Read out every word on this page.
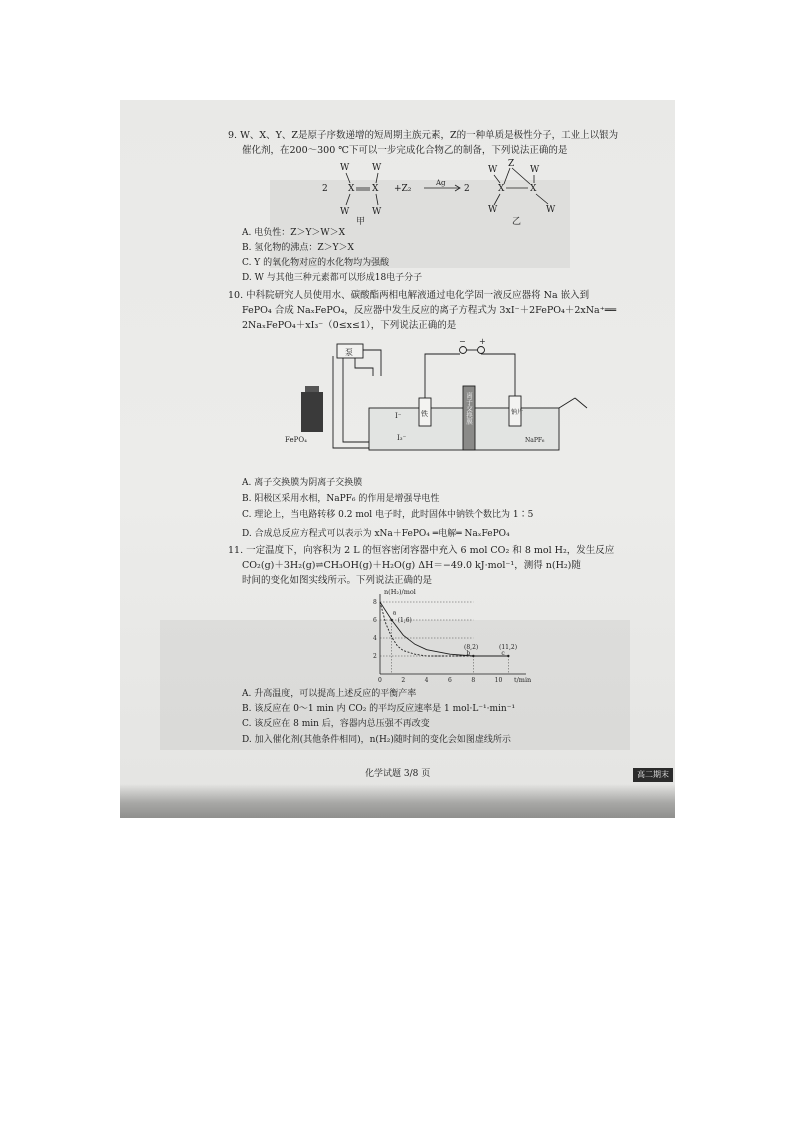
9. W、X、Y、Z是原子序数递增的短周期主族元素，Z的一种单质是极性分子，工业上以银为
催化剂，在200～300 ℃下可以一步完成化合物乙的制备，下列说法正确的是
2
W	W
X X
W	W
+Z₂
Ag
2
W
Z
W
X	X
W	W
甲	乙
A. 电负性：Z＞Y＞W＞X
B. 氢化物的沸点：Z＞Y＞X
C. Y 的氧化物对应的水化物均为强酸
D. W 与其他三种元素都可以形成18电子分子
10. 中科院研究人员使用水、碳酸酯两相电解液通过电化学固一液反应器将 Na 嵌入到
FePO₄ 合成 NaₓFePO₄，反应器中发生反应的离子方程式为 3xI⁻＋2FePO₄＋2xNa⁺══
2NaₓFePO₄＋xI₃⁻（0≤x≤1），下列说法正确的是
泵
FePO₄
I⁻
I₃⁻
铁	钠片
NaPF₆
− +
离子交换膜
A. 离子交换膜为阴离子交换膜
B. 阳极区采用水相，NaPF₆ 的作用是增强导电性
C. 理论上，当电路转移 0.2 mol 电子时，此时固体中钠铁个数比为 1∶5
D. 合成总反应方程式可以表示为 xNa＋FePO₄ ═电解═ NaₓFePO₄
11. 一定温度下，向容积为 2 L 的恒容密闭容器中充入 6 mol CO₂ 和 8 mol H₂，发生反应
CO₂(g)＋3H₂(g)⇌CH₃OH(g)＋H₂O(g) ΔH＝−49.0 kJ·mol⁻¹，测得 n(H₂)随
时间的变化如图实线所示。下列说法正确的是
n(H₂)/mol
t/min
0	2	4	6	8	10
2
4
6
8
a
(1,6)
b
(8,2)
c
(11,2)
A. 升高温度，可以提高上述反应的平衡产率
B. 该反应在 0～1 min 内 CO₂ 的平均反应速率是 1 mol·L⁻¹·min⁻¹
C. 该反应在 8 min 后，容器内总压强不再改变
D. 加入催化剂(其他条件相同)，n(H₂)随时间的变化会如图虚线所示
化学试题 3/8 页	高二期末
